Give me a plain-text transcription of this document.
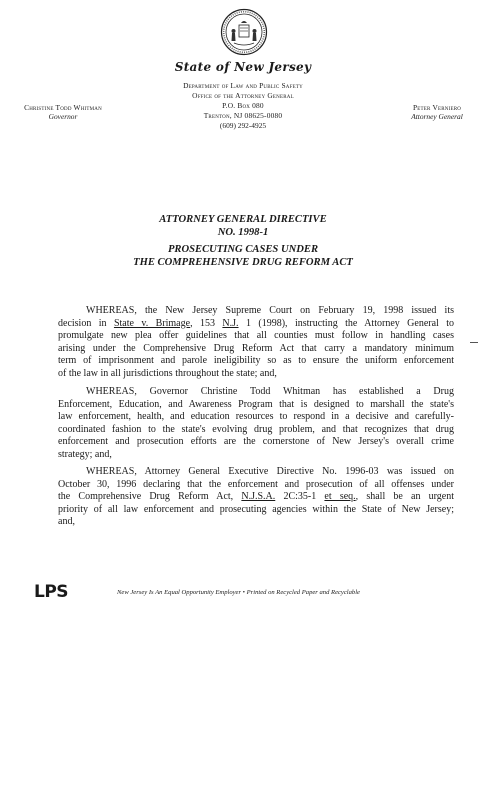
State of New Jersey
Department of Law and Public Safety
Office of the Attorney General
P.O. Box 080
Trenton, NJ 08625-0080
(609) 292-4925
Christine Todd Whitman
Governor
Peter Verniero
Attorney General
ATTORNEY GENERAL DIRECTIVE
NO. 1998-1
PROSECUTING CASES UNDER
THE COMPREHENSIVE DRUG REFORM ACT
WHEREAS, the New Jersey Supreme Court on February 19, 1998 issued its
decision in State v. Brimage, 153 N.J. 1 (1998), instructing the Attorney General to
promulgate new plea offer guidelines that all counties must follow in handling cases
arising under the Comprehensive Drug Reform Act that carry a mandatory minimum
term of imprisonment and parole ineligibility so as to ensure the uniform enforcement
of the law in all jurisdictions throughout the state; and,
WHEREAS, Governor Christine Todd Whitman has established a Drug
Enforcement, Education, and Awareness Program that is designed to marshall the state's
law enforcement, health, and education resources to respond in a decisive and carefully-
coordinated fashion to the state's evolving drug problem, and that recognizes that drug
enforcement and prosecution efforts are the cornerstone of New Jersey's overall crime
strategy; and,
WHEREAS, Attorney General Executive Directive No. 1996-03 was issued on
October 30, 1996 declaring that the enforcement and prosecution of all offenses under
the Comprehensive Drug Reform Act, N.J.S.A. 2C:35-1 et seq., shall be an urgent
priority of all law enforcement and prosecuting agencies within the State of New Jersey;
and,
LPS	New Jersey Is An Equal Opportunity Employer • Printed on Recycled Paper and Recyclable
